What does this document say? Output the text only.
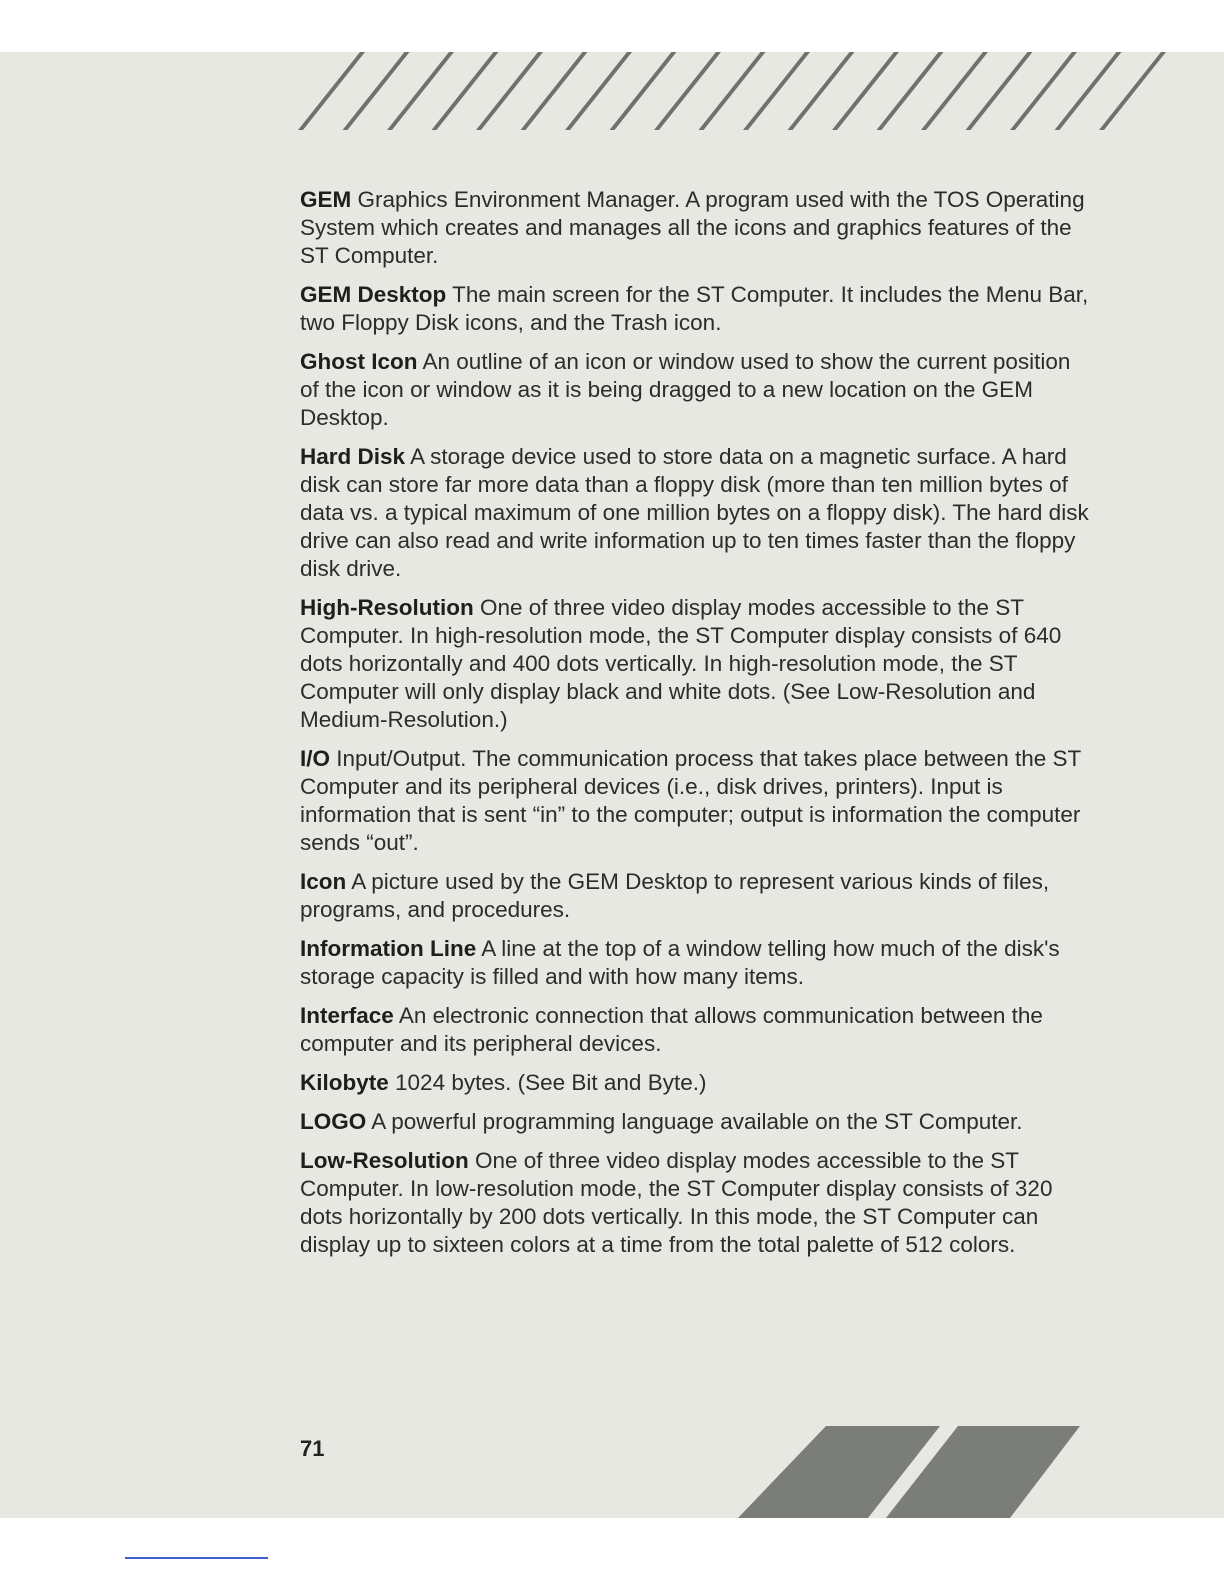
GEM Graphics Environment Manager. A program used with the TOS Operating System which creates and manages all the icons and graphics features of the ST Computer.

GEM Desktop The main screen for the ST Computer. It includes the Menu Bar, two Floppy Disk icons, and the Trash icon.

Ghost Icon An outline of an icon or window used to show the current position of the icon or window as it is being dragged to a new location on the GEM Desktop.

Hard Disk A storage device used to store data on a magnetic surface. A hard disk can store far more data than a floppy disk (more than ten million bytes of data vs. a typical maximum of one million bytes on a floppy disk). The hard disk drive can also read and write information up to ten times faster than the floppy disk drive.

High-Resolution One of three video display modes accessible to the ST Computer. In high-resolution mode, the ST Computer display consists of 640 dots horizontally and 400 dots vertically. In high-resolution mode, the ST Computer will only display black and white dots. (See Low-Resolution and Medium-Resolution.)

I/O Input/Output. The communication process that takes place between the ST Computer and its peripheral devices (i.e., disk drives, printers). Input is information that is sent “in” to the computer; output is information the computer sends “out”.

Icon A picture used by the GEM Desktop to represent various kinds of files, programs, and procedures.

Information Line A line at the top of a window telling how much of the disk's storage capacity is filled and with how many items.

Interface An electronic connection that allows communication between the computer and its peripheral devices.

Kilobyte 1024 bytes. (See Bit and Byte.)

LOGO A powerful programming language available on the ST Computer.

Low-Resolution One of three video display modes accessible to the ST Computer. In low-resolution mode, the ST Computer display consists of 320 dots horizontally by 200 dots vertically. In this mode, the ST Computer can display up to sixteen colors at a time from the total palette of 512 colors.

71
